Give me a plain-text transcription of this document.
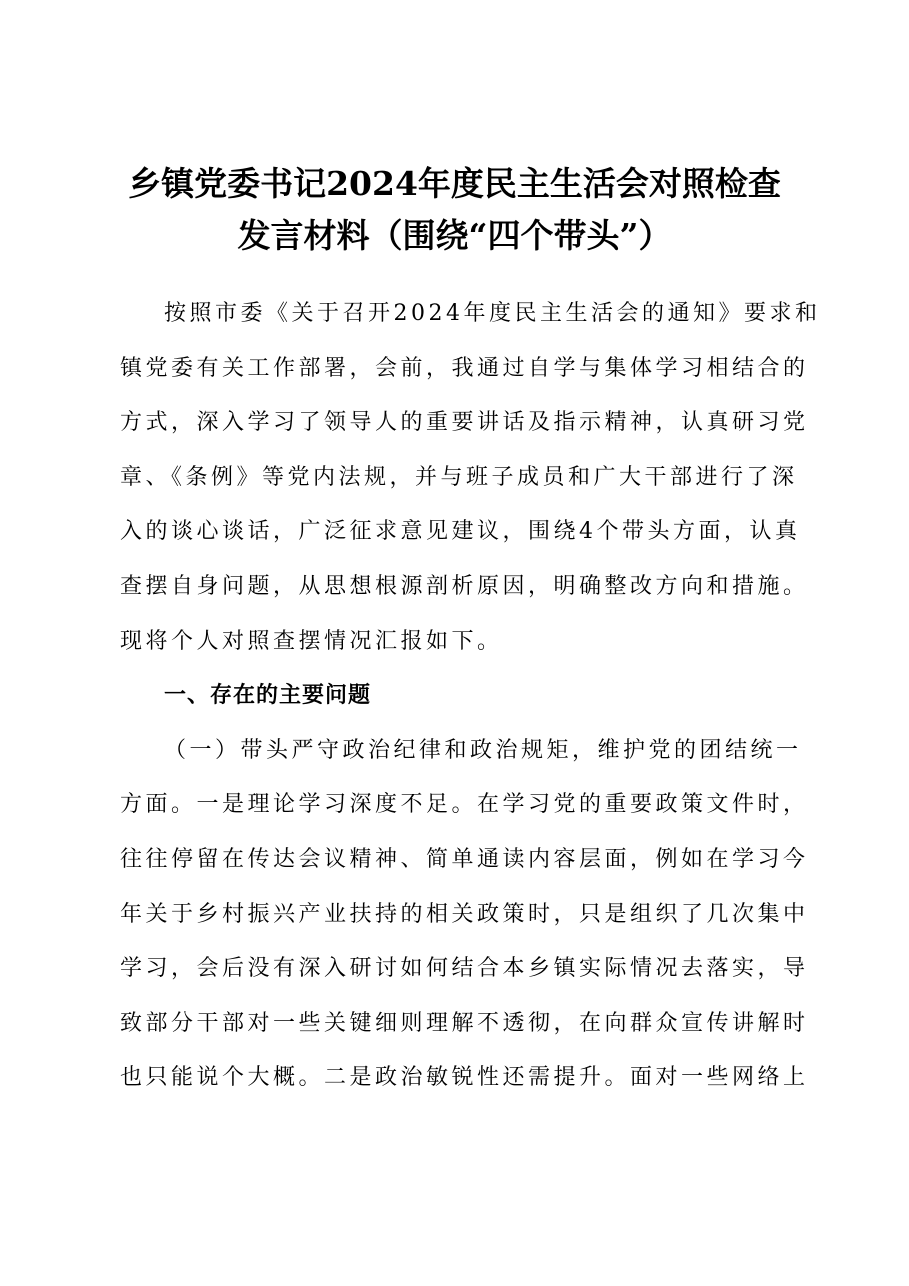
乡镇党委书记2024年度民主生活会对照检查
发言材料（围绕“四个带头”）
按照市委《关于召开2024年度民主生活会的通知》要求和
镇党委有关工作部署，会前，我通过自学与集体学习相结合的
方式，深入学习了领导人的重要讲话及指示精神，认真研习党
章、《条例》等党内法规，并与班子成员和广大干部进行了深
入的谈心谈话，广泛征求意见建议，围绕4个带头方面，认真
查摆自身问题，从思想根源剖析原因，明确整改方向和措施。
现将个人对照查摆情况汇报如下。

一、存在的主要问题

（一）带头严守政治纪律和政治规矩，维护党的团结统一
方面。一是理论学习深度不足。在学习党的重要政策文件时，
往往停留在传达会议精神、简单通读内容层面，例如在学习今
年关于乡村振兴产业扶持的相关政策时，只是组织了几次集中
学习，会后没有深入研讨如何结合本乡镇实际情况去落实，导
致部分干部对一些关键细则理解不透彻，在向群众宣传讲解时
也只能说个大概。二是政治敏锐性还需提升。面对一些网络上
